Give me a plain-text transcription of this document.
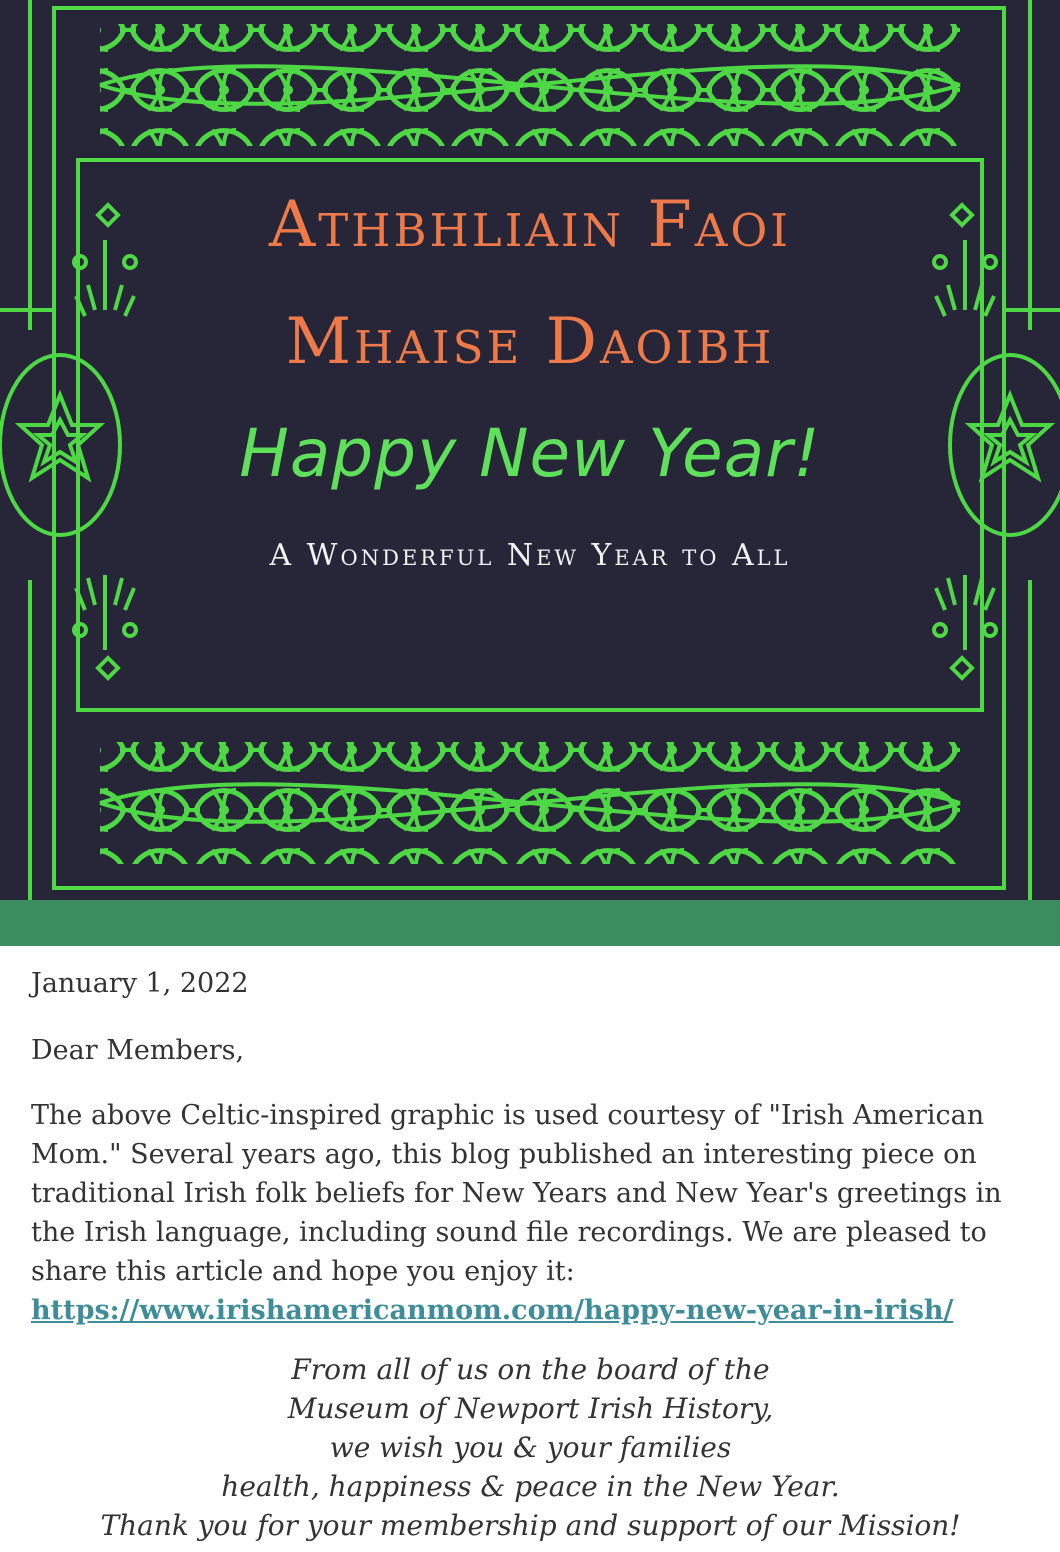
Athbhliain Faoi
Mhaise Daoibh
Happy New Year!
A Wonderful New Year to All

January 1, 2022

Dear Members,

The above Celtic-inspired graphic is used courtesy of "Irish American Mom." Several years ago, this blog published an interesting piece on traditional Irish folk beliefs for New Years and New Year's greetings in the Irish language, including sound file recordings. We are pleased to share this article and hope you enjoy it:
https://www.irishamericanmom.com/happy-new-year-in-irish/

From all of us on the board of the
Museum of Newport Irish History,
we wish you & your families
health, happiness & peace in the New Year.
Thank you for your membership and support of our Mission!
